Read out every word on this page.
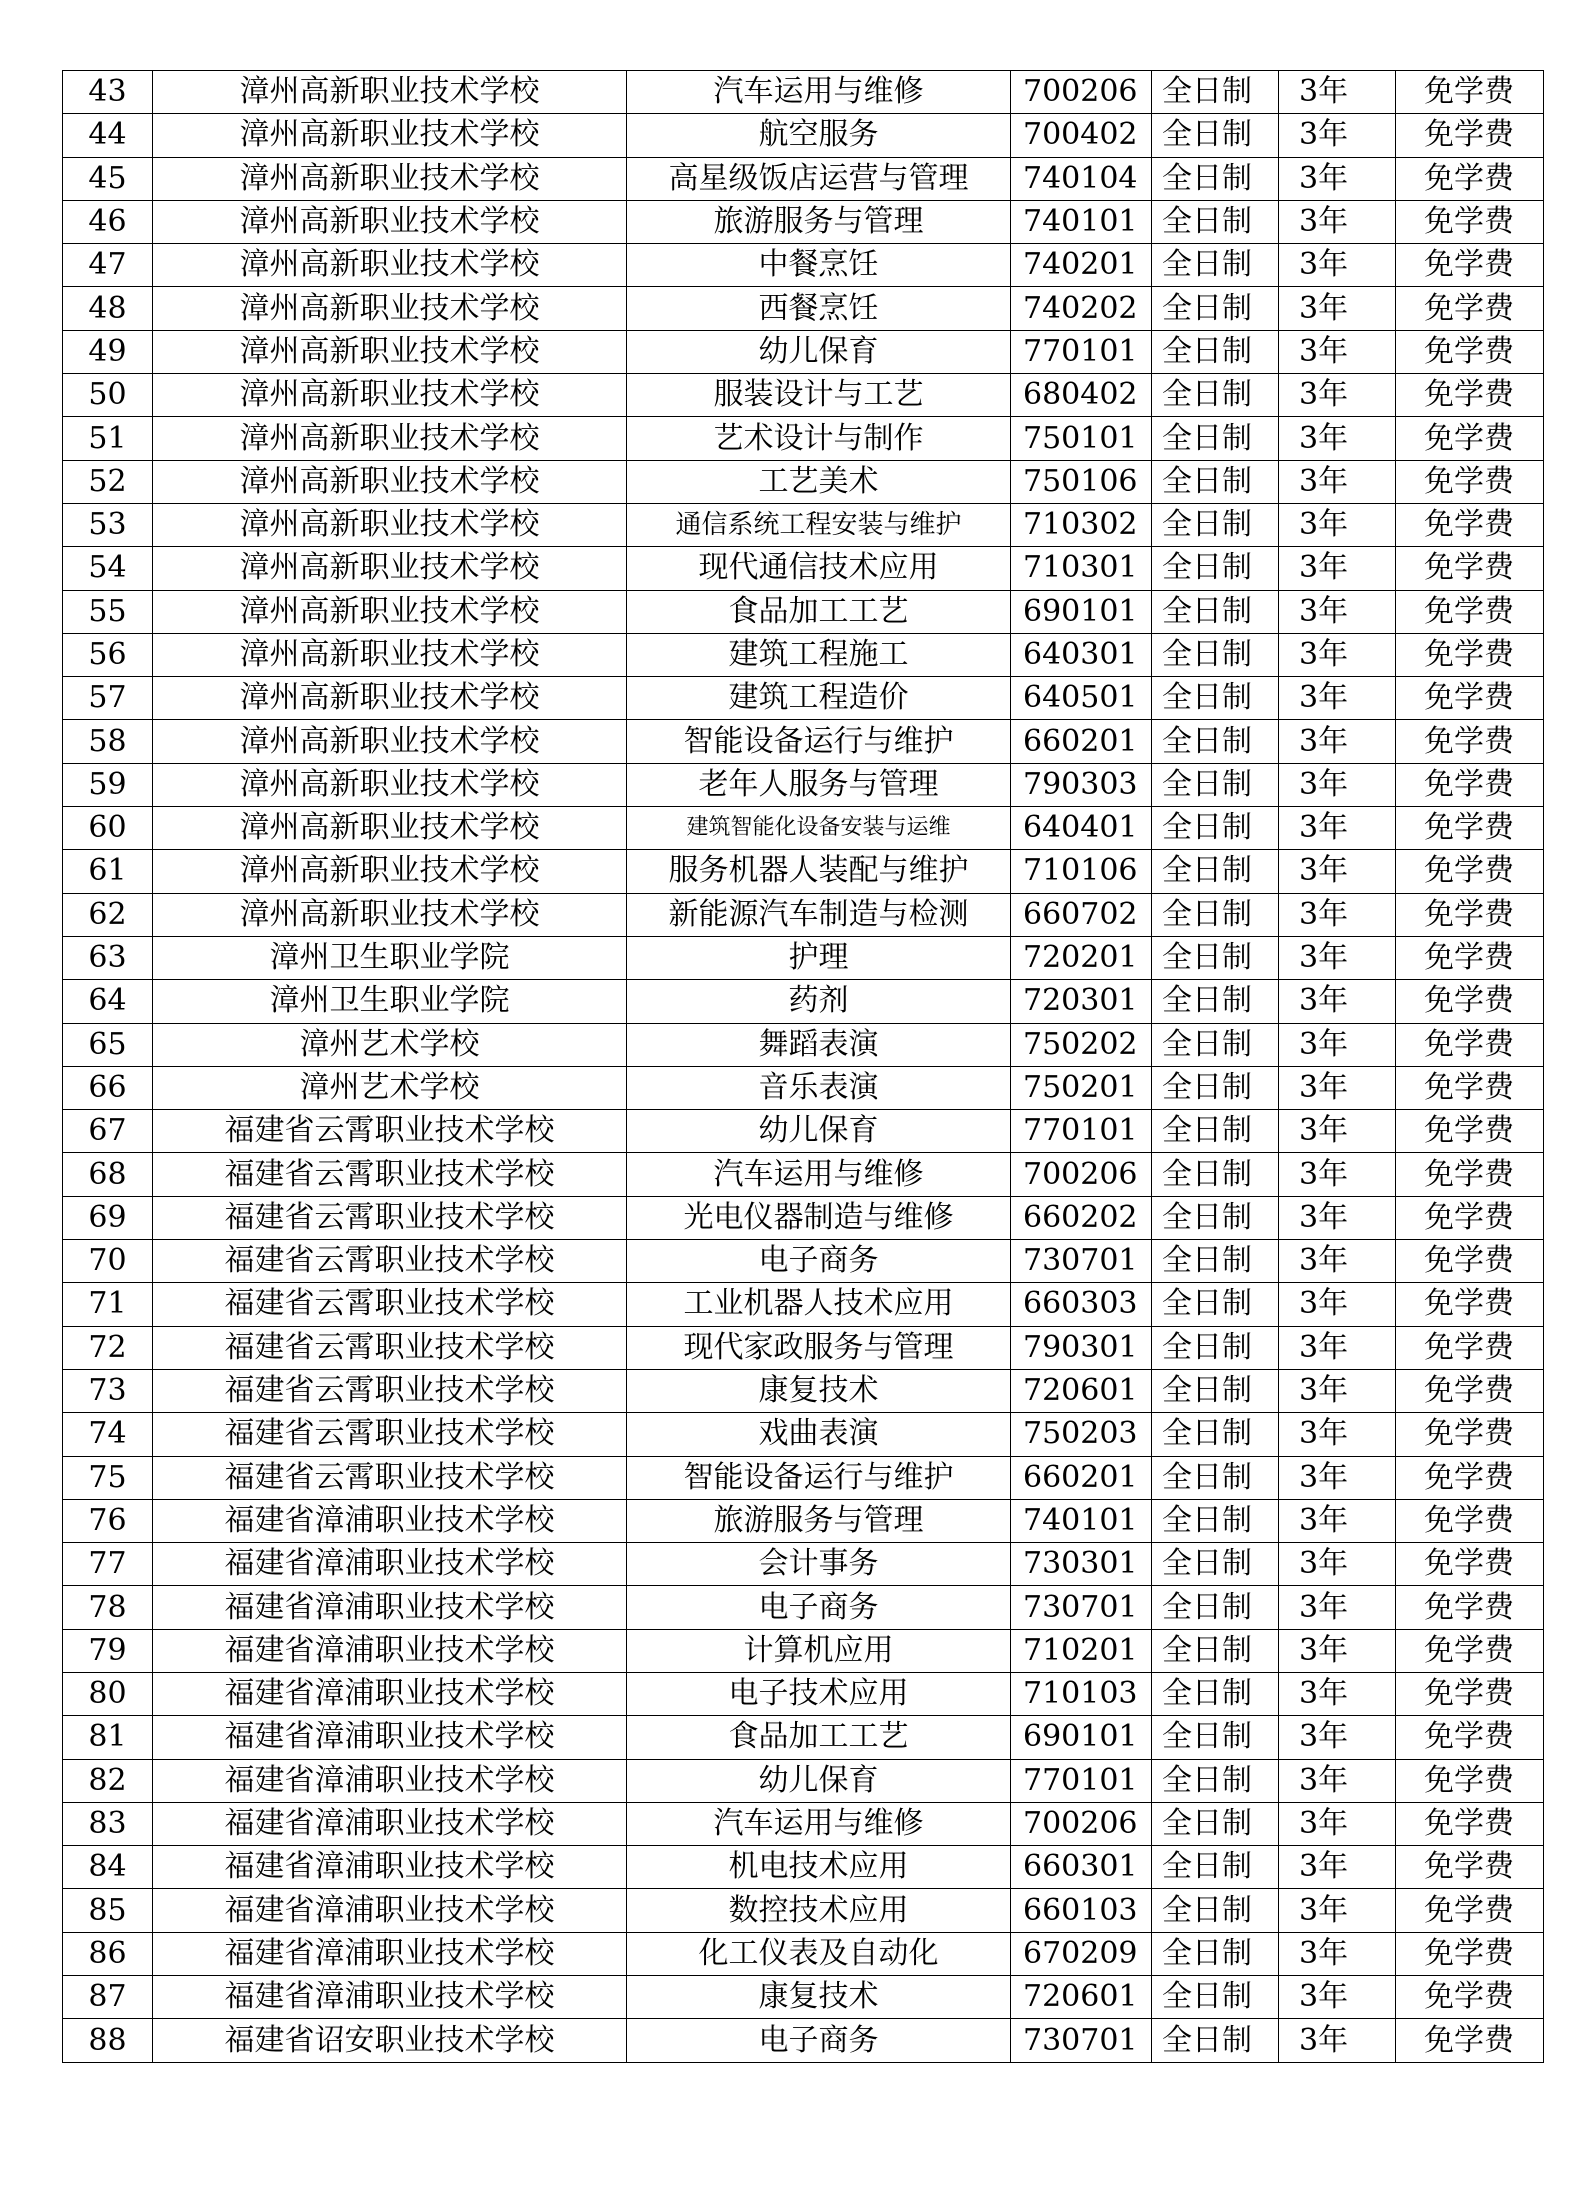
43	漳州高新职业技术学校	汽车运用与维修	700206	全日制	3年	免学费
44	漳州高新职业技术学校	航空服务	700402	全日制	3年	免学费
45	漳州高新职业技术学校	高星级饭店运营与管理	740104	全日制	3年	免学费
46	漳州高新职业技术学校	旅游服务与管理	740101	全日制	3年	免学费
47	漳州高新职业技术学校	中餐烹饪	740201	全日制	3年	免学费
48	漳州高新职业技术学校	西餐烹饪	740202	全日制	3年	免学费
49	漳州高新职业技术学校	幼儿保育	770101	全日制	3年	免学费
50	漳州高新职业技术学校	服装设计与工艺	680402	全日制	3年	免学费
51	漳州高新职业技术学校	艺术设计与制作	750101	全日制	3年	免学费
52	漳州高新职业技术学校	工艺美术	750106	全日制	3年	免学费
53	漳州高新职业技术学校	通信系统工程安装与维护	710302	全日制	3年	免学费
54	漳州高新职业技术学校	现代通信技术应用	710301	全日制	3年	免学费
55	漳州高新职业技术学校	食品加工工艺	690101	全日制	3年	免学费
56	漳州高新职业技术学校	建筑工程施工	640301	全日制	3年	免学费
57	漳州高新职业技术学校	建筑工程造价	640501	全日制	3年	免学费
58	漳州高新职业技术学校	智能设备运行与维护	660201	全日制	3年	免学费
59	漳州高新职业技术学校	老年人服务与管理	790303	全日制	3年	免学费
60	漳州高新职业技术学校	建筑智能化设备安装与运维	640401	全日制	3年	免学费
61	漳州高新职业技术学校	服务机器人装配与维护	710106	全日制	3年	免学费
62	漳州高新职业技术学校	新能源汽车制造与检测	660702	全日制	3年	免学费
63	漳州卫生职业学院	护理	720201	全日制	3年	免学费
64	漳州卫生职业学院	药剂	720301	全日制	3年	免学费
65	漳州艺术学校	舞蹈表演	750202	全日制	3年	免学费
66	漳州艺术学校	音乐表演	750201	全日制	3年	免学费
67	福建省云霄职业技术学校	幼儿保育	770101	全日制	3年	免学费
68	福建省云霄职业技术学校	汽车运用与维修	700206	全日制	3年	免学费
69	福建省云霄职业技术学校	光电仪器制造与维修	660202	全日制	3年	免学费
70	福建省云霄职业技术学校	电子商务	730701	全日制	3年	免学费
71	福建省云霄职业技术学校	工业机器人技术应用	660303	全日制	3年	免学费
72	福建省云霄职业技术学校	现代家政服务与管理	790301	全日制	3年	免学费
73	福建省云霄职业技术学校	康复技术	720601	全日制	3年	免学费
74	福建省云霄职业技术学校	戏曲表演	750203	全日制	3年	免学费
75	福建省云霄职业技术学校	智能设备运行与维护	660201	全日制	3年	免学费
76	福建省漳浦职业技术学校	旅游服务与管理	740101	全日制	3年	免学费
77	福建省漳浦职业技术学校	会计事务	730301	全日制	3年	免学费
78	福建省漳浦职业技术学校	电子商务	730701	全日制	3年	免学费
79	福建省漳浦职业技术学校	计算机应用	710201	全日制	3年	免学费
80	福建省漳浦职业技术学校	电子技术应用	710103	全日制	3年	免学费
81	福建省漳浦职业技术学校	食品加工工艺	690101	全日制	3年	免学费
82	福建省漳浦职业技术学校	幼儿保育	770101	全日制	3年	免学费
83	福建省漳浦职业技术学校	汽车运用与维修	700206	全日制	3年	免学费
84	福建省漳浦职业技术学校	机电技术应用	660301	全日制	3年	免学费
85	福建省漳浦职业技术学校	数控技术应用	660103	全日制	3年	免学费
86	福建省漳浦职业技术学校	化工仪表及自动化	670209	全日制	3年	免学费
87	福建省漳浦职业技术学校	康复技术	720601	全日制	3年	免学费
88	福建省诏安职业技术学校	电子商务	730701	全日制	3年	免学费
